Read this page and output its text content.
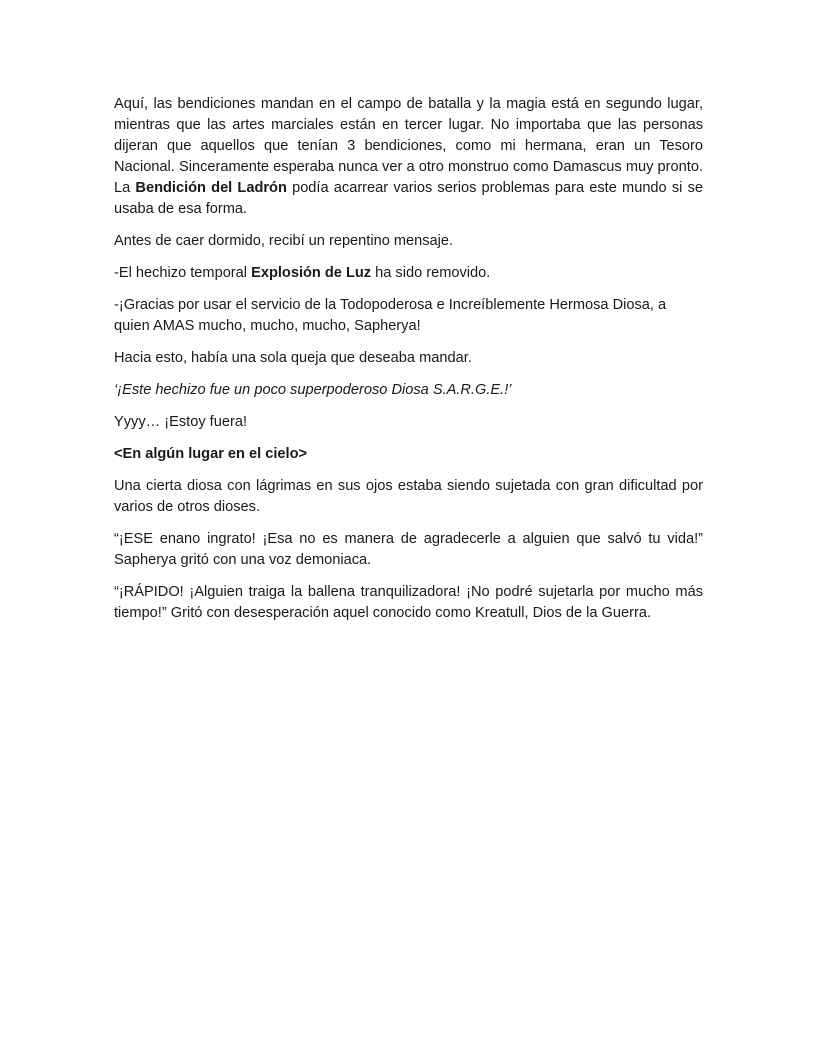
Aquí, las bendiciones mandan en el campo de batalla y la magia está en segundo lugar, mientras que las artes marciales están en tercer lugar. No importaba que las personas dijeran que aquellos que tenían 3 bendiciones, como mi hermana, eran un Tesoro Nacional. Sinceramente esperaba nunca ver a otro monstruo como Damascus muy pronto. La Bendición del Ladrón podía acarrear varios serios problemas para este mundo si se usaba de esa forma.

Antes de caer dormido, recibí un repentino mensaje.

-El hechizo temporal Explosión de Luz ha sido removido.

-¡Gracias por usar el servicio de la Todopoderosa e Increíblemente Hermosa Diosa, a quien AMAS mucho, mucho, mucho, Sapherya!

Hacia esto, había una sola queja que deseaba mandar.

‘¡Este hechizo fue un poco superpoderoso Diosa S.A.R.G.E.!’

Yyyy… ¡Estoy fuera!

<En algún lugar en el cielo>

Una cierta diosa con lágrimas en sus ojos estaba siendo sujetada con gran dificultad por varios de otros dioses.

“¡ESE enano ingrato! ¡Esa no es manera de agradecerle a alguien que salvó tu vida!” Sapherya gritó con una voz demoniaca.

“¡RÁPIDO! ¡Alguien traiga la ballena tranquilizadora! ¡No podré sujetarla por mucho más tiempo!” Gritó con desesperación aquel conocido como Kreatull, Dios de la Guerra.
